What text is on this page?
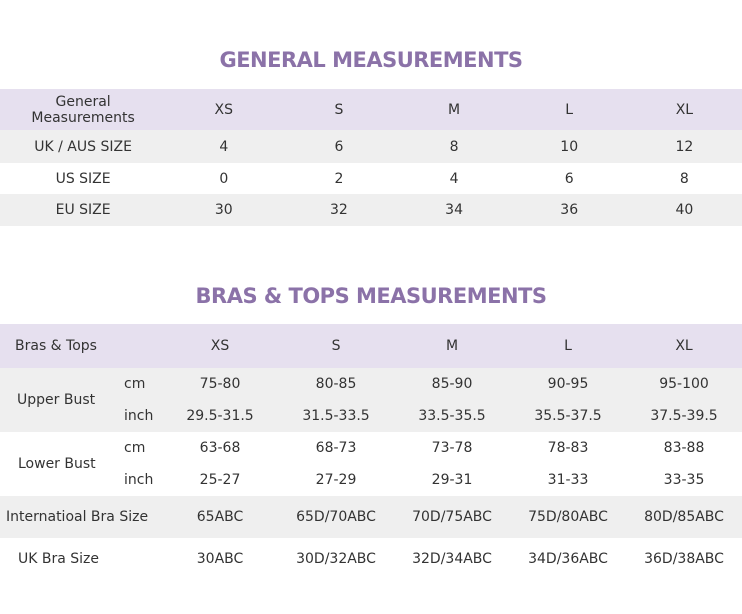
GENERAL MEASUREMENTS
General
Measurements	XS	S	M	L	XL
UK / AUS SIZE	4	6	8	10	12
US SIZE	0	2	4	6	8
EU SIZE	30	32	34	36	40
BRAS & TOPS MEASUREMENTS
Bras & Tops		XS	S	M	L	XL
Upper Bust	cm	75-80	80-85	85-90	90-95	95-100
	inch	29.5-31.5	31.5-33.5	33.5-35.5	35.5-37.5	37.5-39.5
Lower Bust	cm	63-68	68-73	73-78	78-83	83-88
	inch	25-27	27-29	29-31	31-33	33-35
Internatioal Bra Size		65ABC	65D/70ABC	70D/75ABC	75D/80ABC	80D/85ABC
UK Bra Size		30ABC	30D/32ABC	32D/34ABC	34D/36ABC	36D/38ABC
